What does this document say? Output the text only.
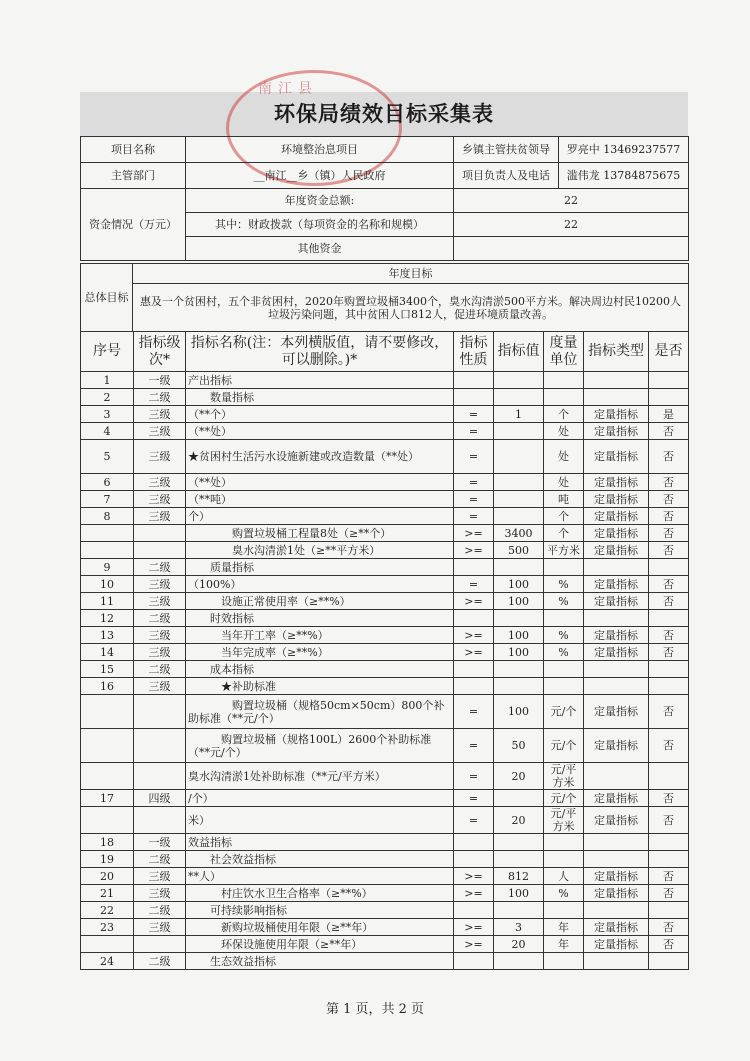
南江县
环保局绩效目标采集表
项目名称	环境整治息项目	乡镇主管扶贫领导	罗亮中 13469237577
主管部门	__南江__乡（镇）人民政府	项目负责人及电话	滥伟龙 13784875675
资金情况（万元）	年度资金总额:	22	
	其中：财政拨款（每项资金的名称和规模）	22	
	其他资金		
总体目标	年度目标
惠及一个贫困村，五个非贫困村，2020年购置垃圾桶3400个，臭水沟清淤500平方米。解决周边村民10200人垃圾污染问题，其中贫困人口812人，促进环境质量改善。
序号	指标级次*	指标名称(注：本列横版值，请不要修改，可以删除。)*	指标性质	指标值	度量单位	指标类型	是否
1	一级	产出指标					
2	二级	　　数量指标					
3	三级	（**个）	=	1	个	定量指标	是
4	三级	（**处）	=		处	定量指标	否
5	三级	★贫困村生活污水设施新建或改造数量（**处）	=		处	定量指标	否
6	三级	（**处）	=		处	定量指标	否
7	三级	（**吨）	=		吨	定量指标	否
8	三级	个）	=		个	定量指标	否
		　　　　购置垃圾桶工程量8处（≥**个）	>=	3400	个	定量指标	否
		　　　　臭水沟清淤1处（≥**平方米）	>=	500	平方米	定量指标	否
9	二级	　　质量指标					
10	三级	（100%）	=	100	%	定量指标	否
11	三级	　　　设施正常使用率（≥**%）	>=	100	%	定量指标	否
12	二级	　　时效指标					
13	三级	　　　当年开工率（≥**%）	>=	100	%	定量指标	否
14	三级	　　　当年完成率（≥**%）	>=	100	%	定量指标	否
15	二级	　　成本指标					
16	三级	　　　★补助标准					
		　　　　购置垃圾桶（规格50cm×50cm）800个补助标准（**元/个）	=	100	元/个	定量指标	否
		　　　购置垃圾桶（规格100L）2600个补助标准（**元/个）	=	50	元/个	定量指标	否
		臭水沟清淤1处补助标准（**元/平方米）	=	20	元/平方米		
17	四级	/个）	=		元/个	定量指标	否
		米）	=	20	元/平方米	定量指标	否
18	一级	效益指标					
19	二级	　　社会效益指标					
20	三级	**人）	>=	812	人	定量指标	否
21	三级	　　　村庄饮水卫生合格率（≥**%）	>=	100	%	定量指标	否
22	二级	　　可持续影响指标					
23	三级	　　　新购垃圾桶使用年限（≥**年）	>=	3	年	定量指标	否
		　　　环保设施使用年限（≥**年）	>=	20	年	定量指标	否
24	二级	　　生态效益指标					
第 1 页，共 2 页
